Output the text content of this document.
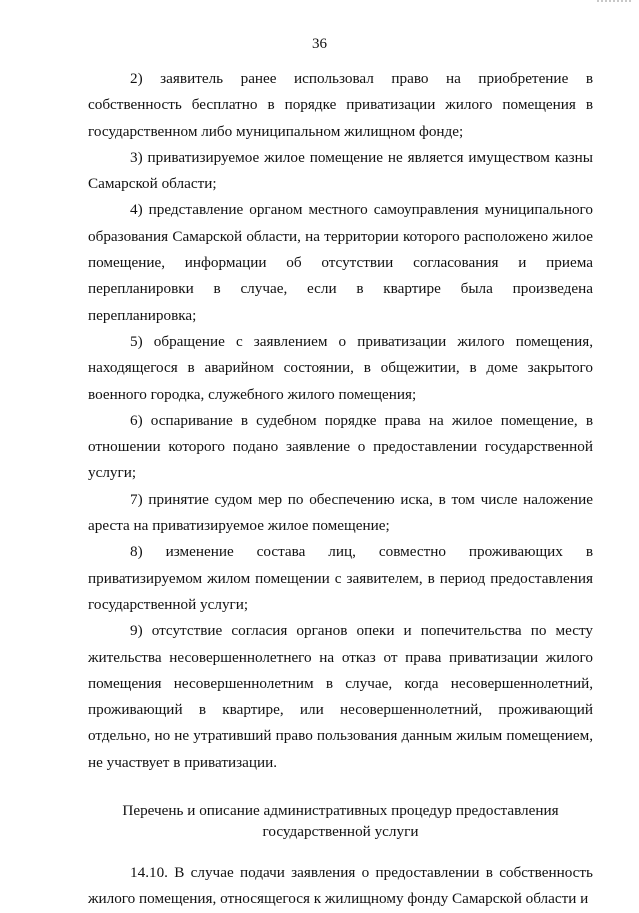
36

2) заявитель ранее использовал право на приобретение в собственность бесплатно в порядке приватизации жилого помещения в государственном либо муниципальном жилищном фонде;

3) приватизируемое жилое помещение не является имуществом казны Самарской области;

4) представление органом местного самоуправления муниципального образования Самарской области, на территории которого расположено жилое помещение, информации об отсутствии согласования и приема перепланировки в случае, если в квартире была произведена перепланировка;

5) обращение с заявлением о приватизации жилого помещения, находящегося в аварийном состоянии, в общежитии, в доме закрытого военного городка, служебного жилого помещения;

6) оспаривание в судебном порядке права на жилое помещение, в отношении которого подано заявление о предоставлении государственной услуги;

7) принятие судом мер по обеспечению иска, в том числе наложение ареста на приватизируемое жилое помещение;

8) изменение состава лиц, совместно проживающих в приватизируемом жилом помещении с заявителем, в период предоставления государственной услуги;

9) отсутствие согласия органов опеки и попечительства по месту жительства несовершеннолетнего на отказ от права приватизации жилого помещения несовершеннолетним в случае, когда несовершеннолетний, проживающий в квартире, или несовершеннолетний, проживающий отдельно, но не утративший право пользования данным жилым помещением, не участвует в приватизации.

Перечень и описание административных процедур предоставления
государственной услуги

14.10. В случае подачи заявления о предоставлении в собственность жилого помещения, относящегося к жилищному фонду Самарской области и
